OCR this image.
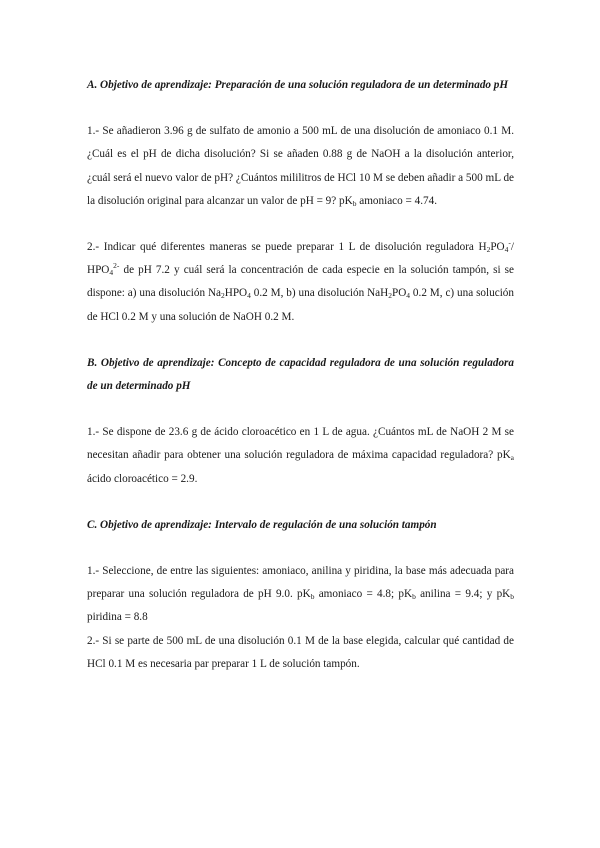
A. Objetivo de aprendizaje: Preparación de una solución reguladora de un determinado pH

1.- Se añadieron 3.96 g de sulfato de amonio a 500 mL de una disolución de amoniaco 0.1 M. ¿Cuál es el pH de dicha disolución? Si se añaden 0.88 g de NaOH a la disolución anterior, ¿cuál será el nuevo valor de pH? ¿Cuántos mililitros de HCl 10 M se deben añadir a 500 mL de la disolución original para alcanzar un valor de pH = 9? $pK_b$ amoniaco = 4.74.

2.- Indicar qué diferentes maneras se puede preparar 1 L de disolución reguladora $H_2PO_4^-/$ $HPO_4^{2-}$ de pH 7.2 y cuál será la concentración de cada especie en la solución tampón, si se dispone: a) una disolución $Na_2HPO_4$ 0.2 M, b) una disolución $NaH_2PO_4$ 0.2 M, c) una solución de HCl 0.2 M y una solución de NaOH 0.2 M.

B. Objetivo de aprendizaje: Concepto de capacidad reguladora de una solución reguladora de un determinado pH

1.- Se dispone de 23.6 g de ácido cloroacético en 1 L de agua. ¿Cuántos mL de NaOH 2 M se necesitan añadir para obtener una solución reguladora de máxima capacidad reguladora? $pK_a$ ácido cloroacético = 2.9.

C. Objetivo de aprendizaje: Intervalo de regulación de una solución tampón

1.- Seleccione, de entre las siguientes: amoniaco, anilina y piridina, la base más adecuada para preparar una solución reguladora de pH 9.0. $pK_b$ amoniaco = 4.8; $pK_b$ anilina = 9.4; y $pK_b$ piridina = 8.8

2.- Si se parte de 500 mL de una disolución 0.1 M de la base elegida, calcular qué cantidad de HCl 0.1 M es necesaria par preparar 1 L de solución tampón.
